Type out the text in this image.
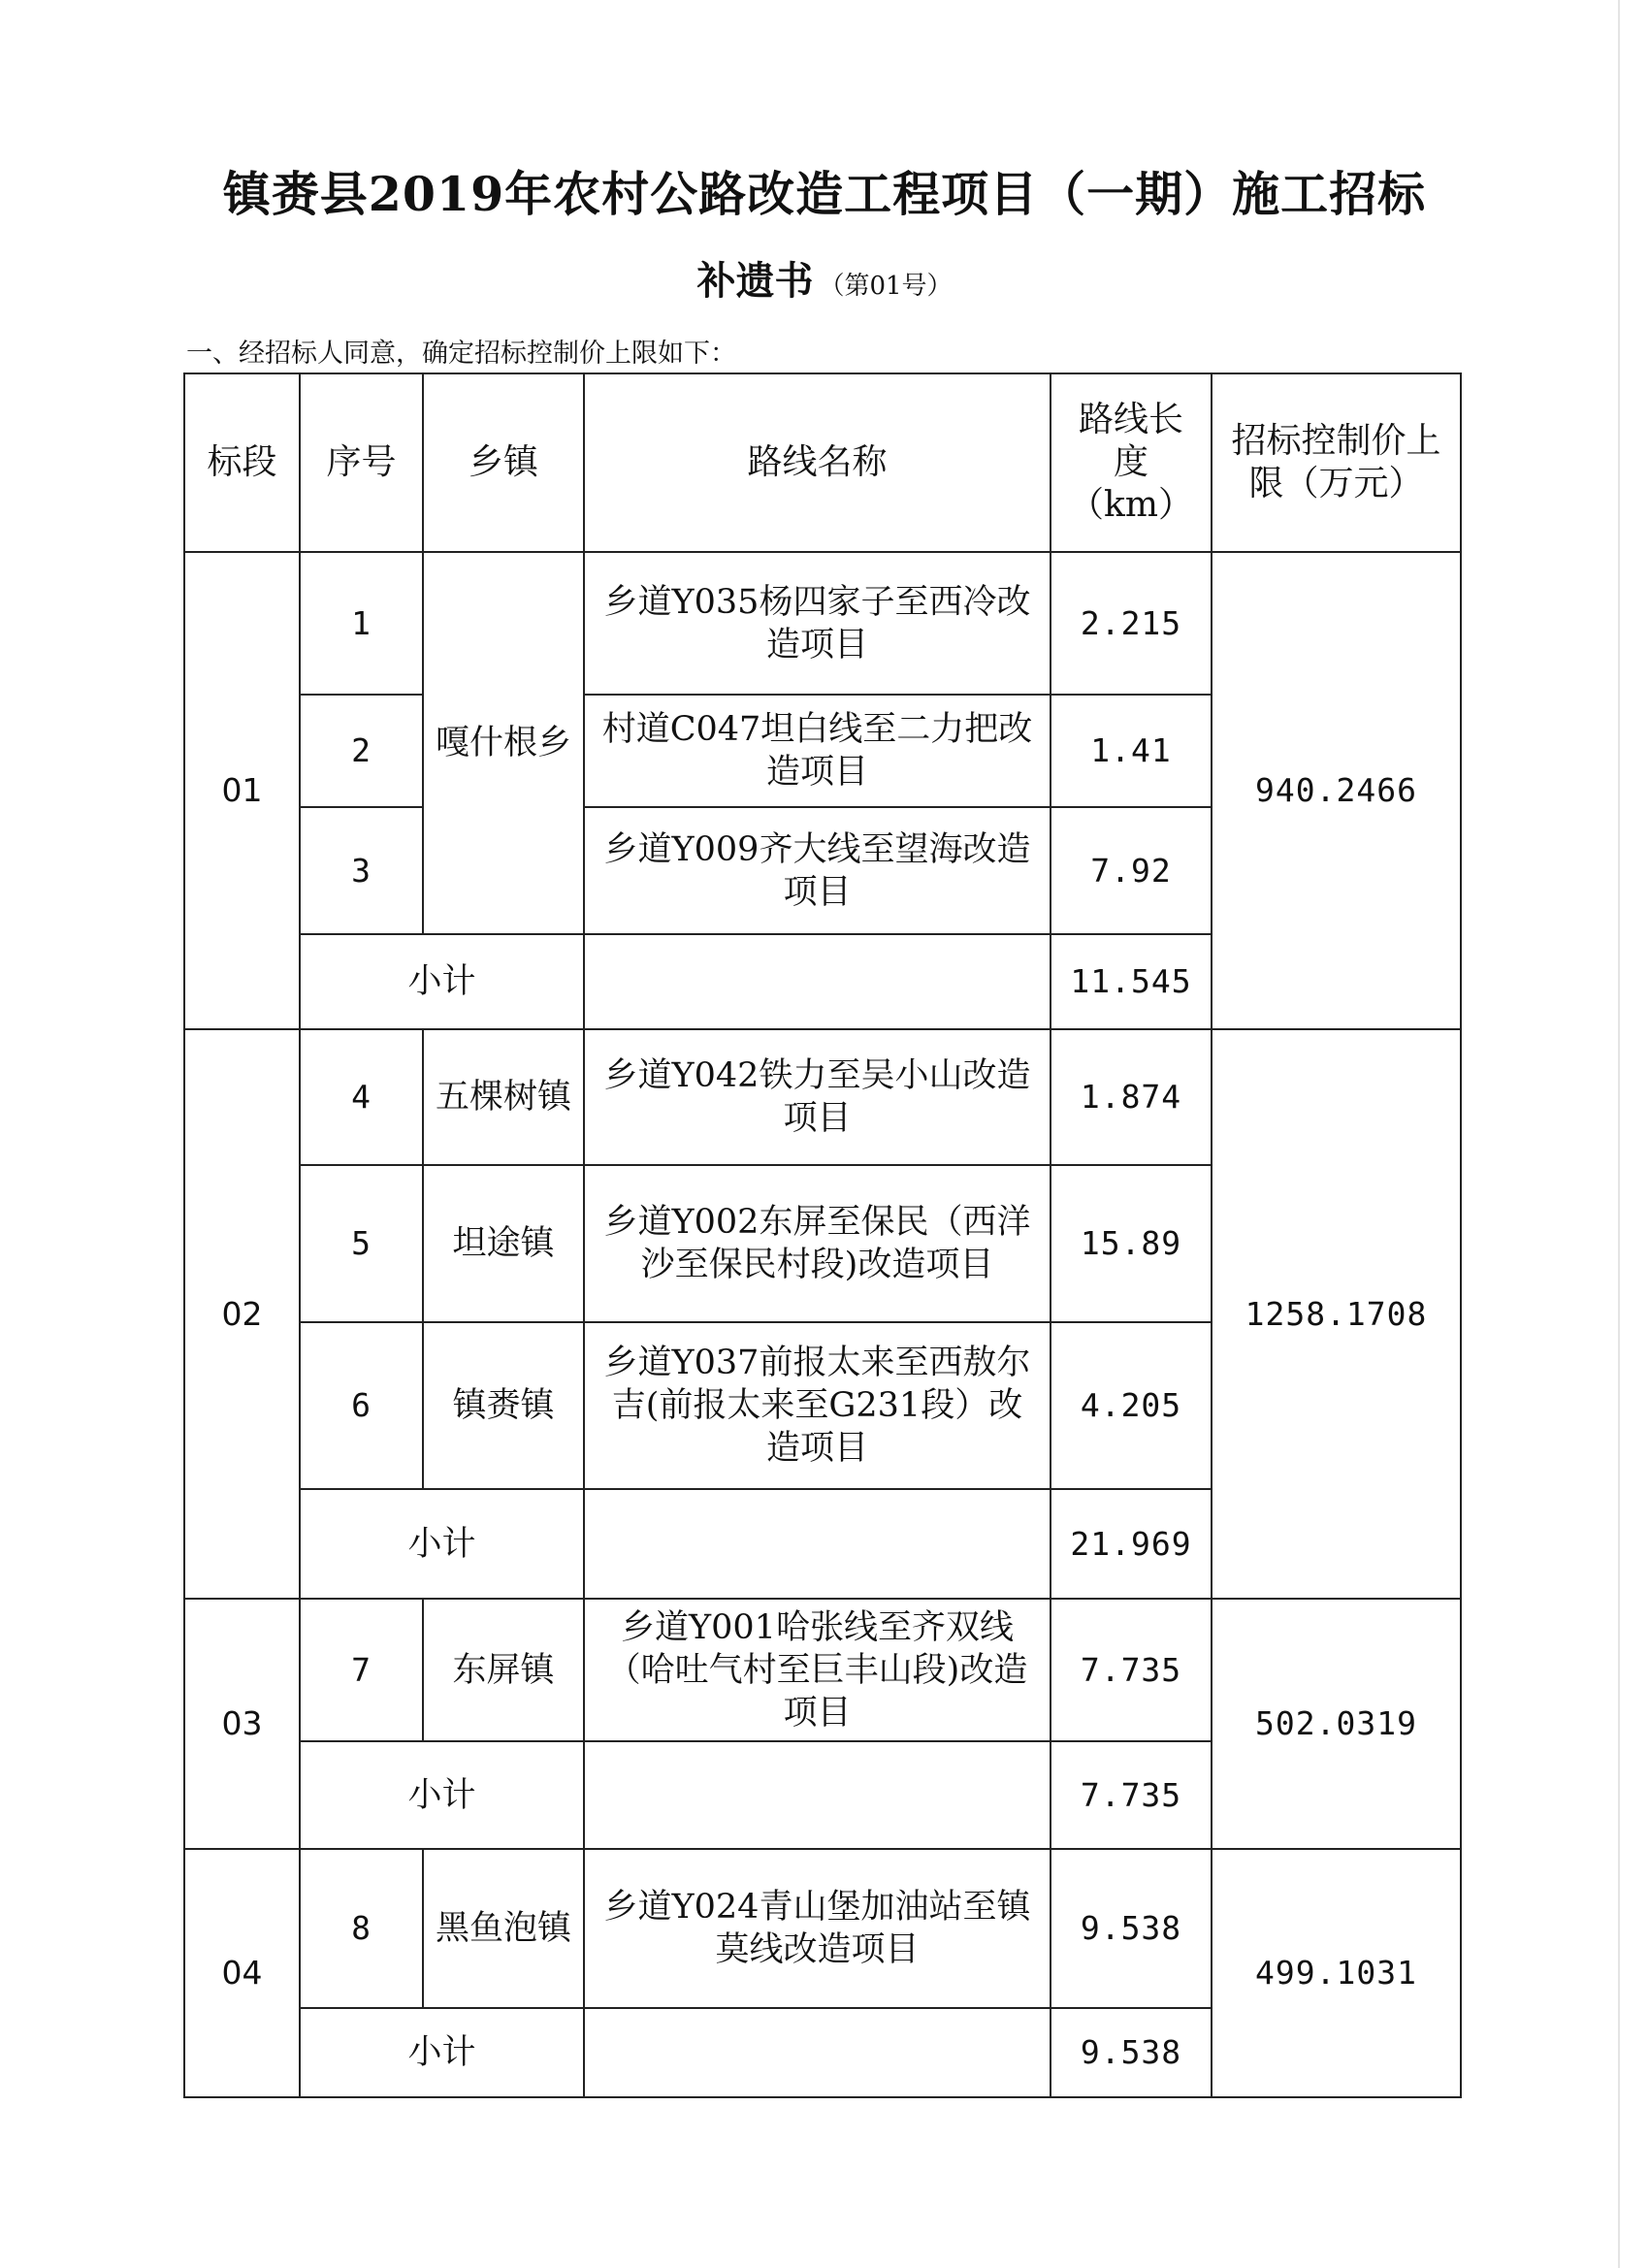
镇赉县2019年农村公路改造工程项目（一期）施工招标
补遗书 （第01号）
一、经招标人同意，确定招标控制价上限如下：
标段	序号	乡镇	路线名称	路线长度（km）	招标控制价上限（万元）
01	1	嘎什根乡	乡道Y035杨四家子至西冷改造项目	2.215	940.2466
	2		村道C047坦白线至二力把改造项目	1.41	
	3		乡道Y009齐大线至望海改造项目	7.92	
	小计			11.545	
02	4	五棵树镇	乡道Y042铁力至吴小山改造项目	1.874	1258.1708
	5	坦途镇	乡道Y002东屏至保民（西洋沙至保民村段)改造项目	15.89	
	6	镇赉镇	乡道Y037前报太来至西敖尔吉(前报太来至G231段）改造项目	4.205	
	小计			21.969	
03	7	东屏镇	乡道Y001哈张线至齐双线（哈吐气村至巨丰山段)改造项目	7.735	502.0319
	小计			7.735	
04	8	黑鱼泡镇	乡道Y024青山堡加油站至镇莫线改造项目	9.538	499.1031
	小计			9.538	
